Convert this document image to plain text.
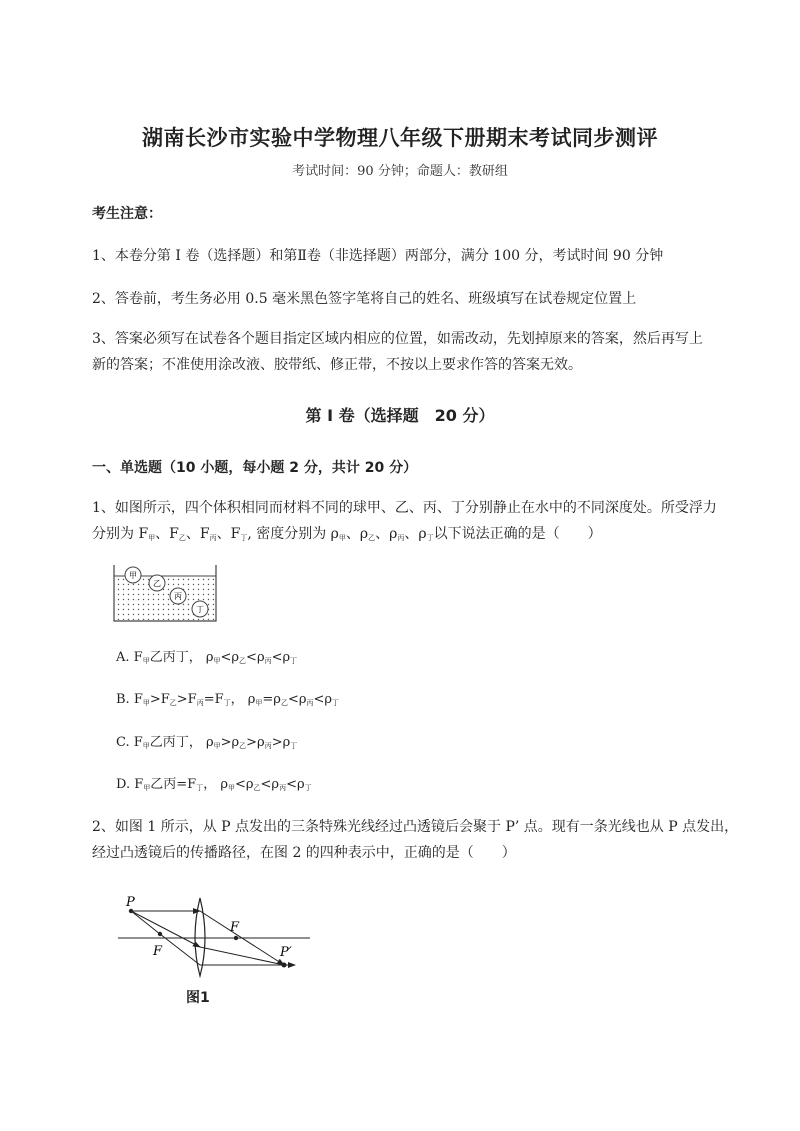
湖南长沙市实验中学物理八年级下册期末考试同步测评
考试时间：90 分钟；命题人：教研组
考生注意：
1、本卷分第 I 卷（选择题）和第Ⅱ卷（非选择题）两部分，满分 100 分，考试时间 90 分钟
2、答卷前，考生务必用 0.5 毫米黑色签字笔将自己的姓名、班级填写在试卷规定位置上
3、答案必须写在试卷各个题目指定区域内相应的位置，如需改动，先划掉原来的答案，然后再写上新的答案；不准使用涂改液、胶带纸、修正带，不按以上要求作答的答案无效。
第 I 卷（选择题　20 分）
一、单选题（10 小题，每小题 2 分，共计 20 分）
1、如图所示，四个体积相同而材料不同的球甲、乙、丙、丁分别静止在水中的不同深度处。所受浮力
分别为 $F_甲$、$F_乙$、$F_丙$、$F_丁$, 密度分别为 $\rho_甲$、$\rho_乙$、$\rho_丙$、$\rho_丁$以下说法正确的是（　　）
甲
乙
丙
丁
A. $F_甲$乙丙丁， $\rho_甲<\rho_乙<\rho_丙<\rho_丁$
B. $F_甲>F_乙>F_丙=F_丁$， $\rho_甲=\rho_乙<\rho_丙<\rho_丁$
C. $F_甲$乙丙丁， $\rho_甲>\rho_乙>\rho_丙>\rho_丁$
D. $F_甲$乙丙$=F_丁$， $\rho_甲<\rho_乙<\rho_丙<\rho_丁$
2、如图 1 所示，从 P 点发出的三条特殊光线经过凸透镜后会聚于 P’ 点。现有一条光线也从 P 点发出，
经过凸透镜后的传播路径，在图 2 的四种表示中，正确的是（　　）
P
F
F
P′
图1
